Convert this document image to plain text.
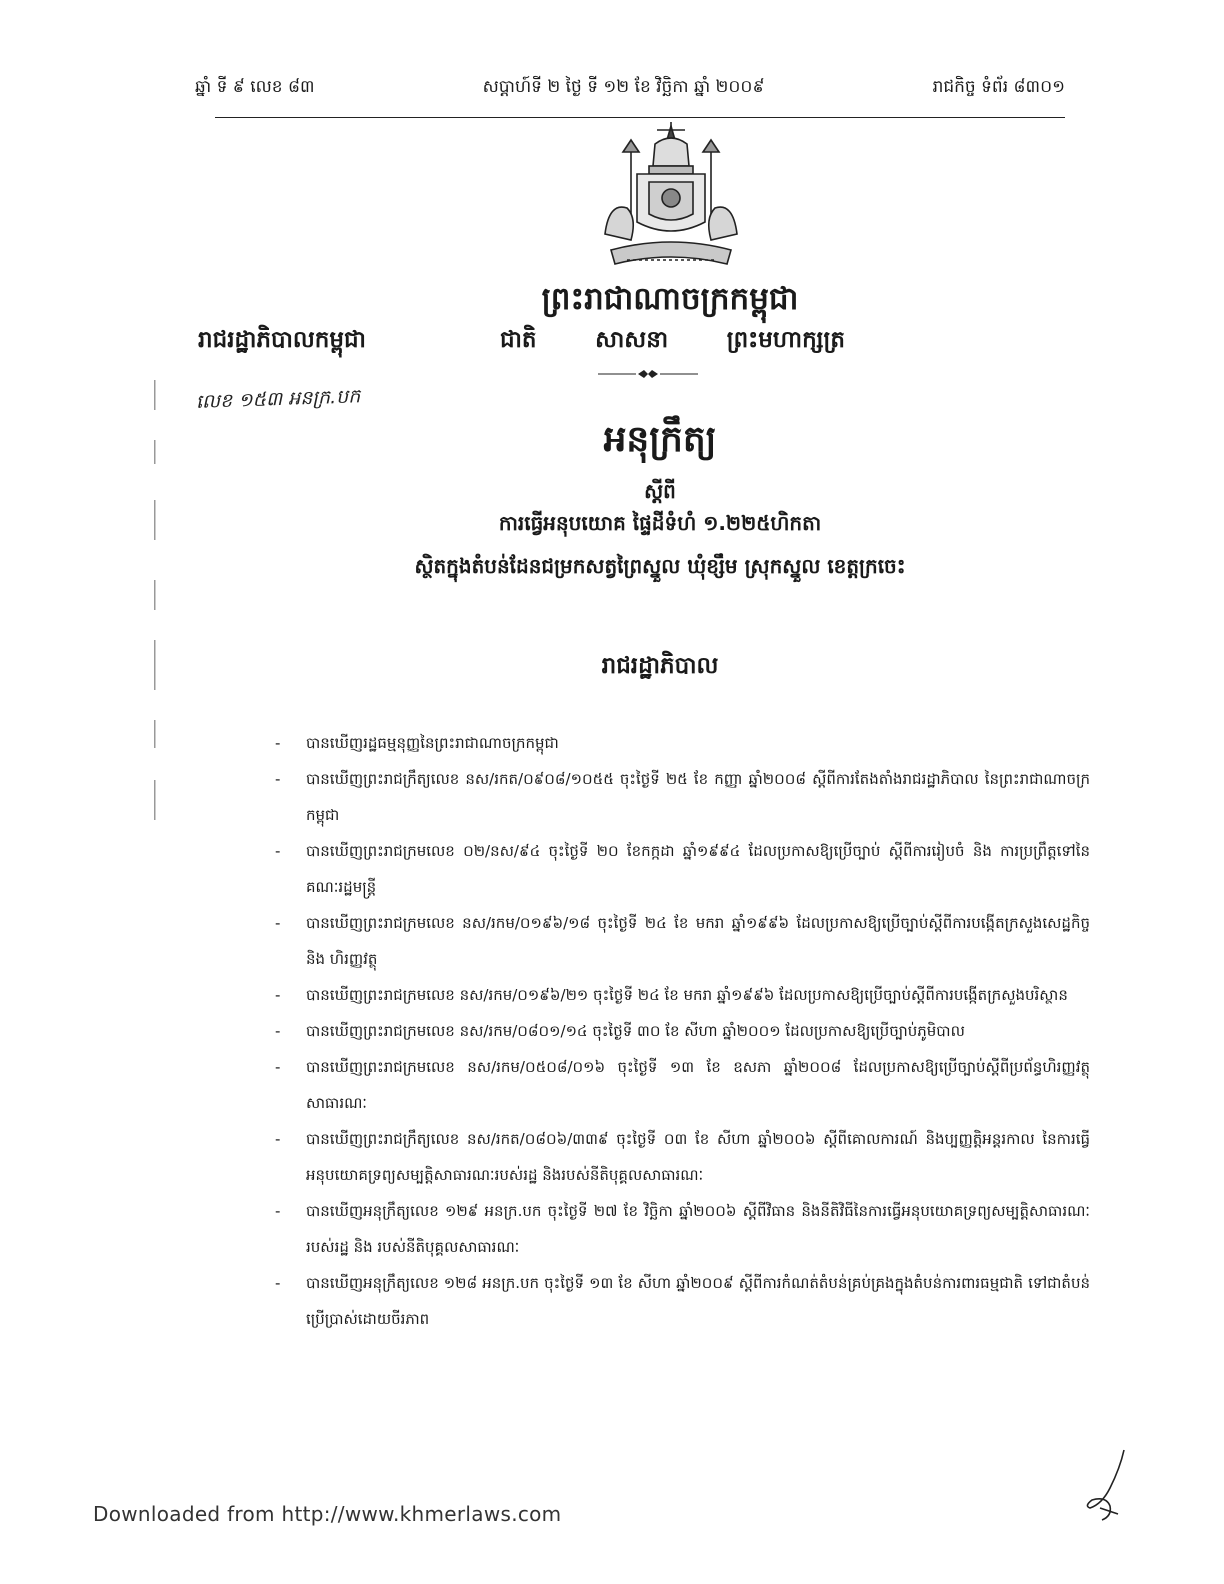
ឆ្នាំ ទី ៩ លេខ ៨៣	សប្តាហ៍ទី ២ ថ្ងៃ ទី ១២ ខែ វិច្ឆិកា ឆ្នាំ ២០០៩	រាជកិច្ច ទំព័រ ៨៣០១
ព្រះរាជាណាចក្រកម្ពុជា
រាជរដ្ឋាភិបាលកម្ពុជា	ជាតិ	សាសនា	ព្រះមហាក្សត្រ
លេខ ១៥៣ អនក្រ.បក
អនុក្រឹត្យ
ស្តីពី
ការធ្វើអនុបយោគ ផ្ទៃដីទំហំ ១.២២៥ហិកតា
ស្ថិតក្នុងតំបន់ដែនជម្រកសត្វព្រៃស្នួល ឃុំខ្សឹម ស្រុកស្នួល ខេត្តក្រចេះ
រាជរដ្ឋាភិបាល
- បានឃើញរដ្ឋធម្មនុញ្ញនៃព្រះរាជាណាចក្រកម្ពុជា
- បានឃើញព្រះរាជក្រឹត្យលេខ នស/រកត/០៩០៨/១០៥៥ ចុះថ្ងៃទី ២៥ ខែ កញ្ញា ឆ្នាំ២០០៨ ស្តីពីការតែងតាំងរាជរដ្ឋាភិបាល នៃព្រះរាជាណាចក្រកម្ពុជា
- បានឃើញព្រះរាជក្រមលេខ ០២/នស/៩៤ ចុះថ្ងៃទី ២០ ខែកក្កដា ឆ្នាំ១៩៩៤ ដែលប្រកាសឱ្យប្រើច្បាប់ ស្តីពីការរៀបចំ និង ការប្រព្រឹត្តទៅនៃគណៈរដ្ឋមន្ត្រី
- បានឃើញព្រះរាជក្រមលេខ នស/រកម/០១៩៦/១៨ ចុះថ្ងៃទី ២៤ ខែ មករា ឆ្នាំ១៩៩៦ ដែលប្រកាសឱ្យប្រើច្បាប់ស្តីពីការបង្កើតក្រសួងសេដ្ឋកិច្ច និង ហិរញ្ញវត្ថុ
- បានឃើញព្រះរាជក្រមលេខ នស/រកម/០១៩៦/២១ ចុះថ្ងៃទី ២៤ ខែ មករា ឆ្នាំ១៩៩៦ ដែលប្រកាសឱ្យប្រើច្បាប់ស្តីពីការបង្កើតក្រសួងបរិស្ថាន
- បានឃើញព្រះរាជក្រមលេខ នស/រកម/០៨០១/១៤ ចុះថ្ងៃទី ៣០ ខែ សីហា ឆ្នាំ២០០១ ដែលប្រកាសឱ្យប្រើច្បាប់ភូមិបាល
- បានឃើញព្រះរាជក្រមលេខ នស/រកម/០៥០៨/០១៦ ចុះថ្ងៃទី ១៣ ខែ ឧសភា ឆ្នាំ២០០៨ ដែលប្រកាសឱ្យប្រើច្បាប់ស្តីពីប្រព័ន្ធហិរញ្ញវត្ថុ សាធារណៈ
- បានឃើញព្រះរាជក្រឹត្យលេខ នស/រកត/០៨០៦/៣៣៩ ចុះថ្ងៃទី ០៣ ខែ សីហា ឆ្នាំ២០០៦ ស្តីពីគោលការណ៍ និងប្បញ្ញត្តិអន្តរកាល នៃការធ្វើអនុបយោគទ្រព្យសម្បត្តិសាធារណៈរបស់រដ្ឋ និងរបស់នីតិបុគ្គលសាធារណៈ
- បានឃើញអនុក្រឹត្យលេខ ១២៩ អនក្រ.បក ចុះថ្ងៃទី ២៧ ខែ វិច្ឆិកា ឆ្នាំ២០០៦ ស្តីពីវិធាន និងនីតិវិធីនៃការធ្វើអនុបយោគទ្រព្យសម្បត្តិសាធារណៈរបស់រដ្ឋ និង របស់នីតិបុគ្គលសាធារណៈ
- បានឃើញអនុក្រឹត្យលេខ ១២៨ អនក្រ.បក ចុះថ្ងៃទី ១៣ ខែ សីហា ឆ្នាំ២០០៩ ស្តីពីការកំណត់តំបន់គ្រប់គ្រងក្នុងតំបន់ការពារធម្មជាតិ ទៅជាតំបន់ប្រើប្រាស់ដោយចីរភាព
Downloaded from http://www.khmerlaws.com
